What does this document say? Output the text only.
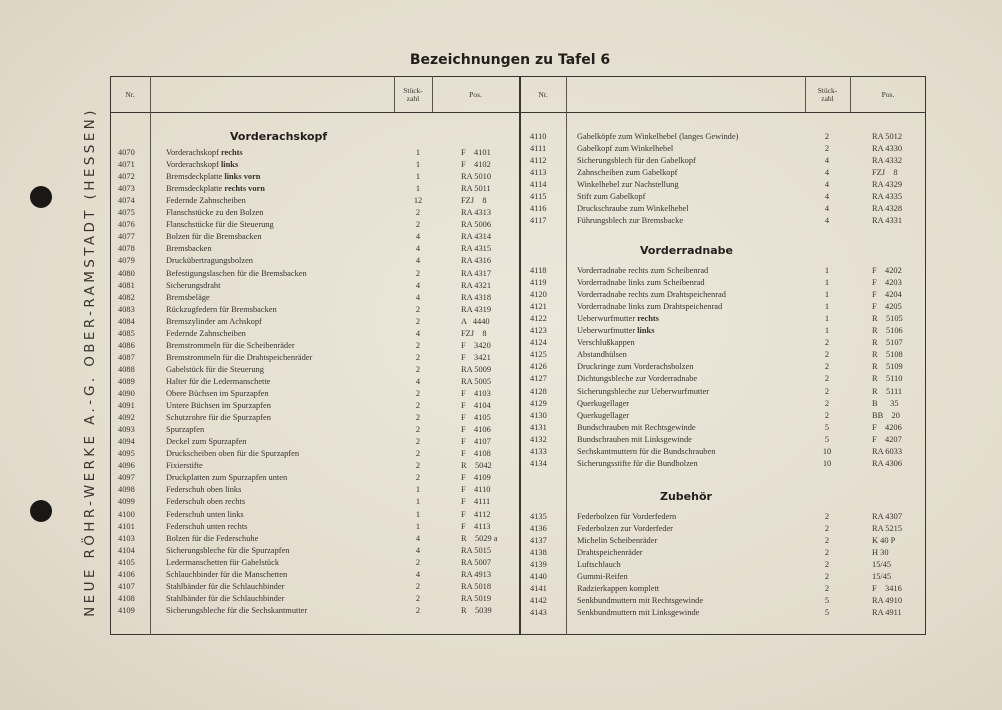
NEUE RÖHR-WERKE A.-G. OBER-RAMSTADT (HESSEN)
Bezeichnungen zu Tafel 6
Nr.	Stück-
zahl	Pos.	Nr.	Stück-
zahl	Pos.
Vorderachskopf
Vorderradnabe
Zubehör
4070	Vorderachskopf rechts	1	F    4101
4071	Vorderachskopf links	1	F    4102
4072	Bremsdeckplatte links vorn	1	RA 5010
4073	Bremsdeckplatte rechts vorn	1	RA 5011
4074	Federnde Zahnscheiben	12	FZJ    8
4075	Flanschstücke zu den Bolzen	2	RA 4313
4076	Flanschstücke für die Steuerung	2	RA 5006
4077	Bolzen für die Bremsbacken	4	RA 4314
4078	Bremsbacken	4	RA 4315
4079	Druckübertragungsbolzen	4	RA 4316
4080	Befestigungslaschen für die Bremsbacken	2	RA 4317
4081	Sicherungsdraht	4	RA 4321
4082	Bremsbeläge	4	RA 4318
4083	Rückzugfedern für Bremsbacken	2	RA 4319
4084	Bremszylinder am Achskopf	2	A   4440
4085	Federnde Zahnscheiben	4	FZJ    8
4086	Bremstrommeln für die Scheibenräder	2	F    3420
4087	Bremstrommeln für die Drahtspeichenräder	2	F    3421
4088	Gabelstück für die Steuerung	2	RA 5009
4089	Halter für die Ledermanschette	4	RA 5005
4090	Obere Büchsen im Spurzapfen	2	F    4103
4091	Untere Büchsen im Spurzapfen	2	F    4104
4092	Schutzrohre für die Spurzapfen	2	F    4105
4093	Spurzapfen	2	F    4106
4094	Deckel zum Spurzapfen	2	F    4107
4095	Druckscheiben oben für die Spurzapfen	2	F    4108
4096	Fixierstifte	2	R    5042
4097	Druckplatten zum Spurzapfen unten	2	F    4109
4098	Federschuh oben links	1	F    4110
4099	Federschuh oben rechts	1	F    4111
4100	Federschuh unten links	1	F    4112
4101	Federschuh unten rechts	1	F    4113
4103	Bolzen für die Federschuhe	4	R    5029 a
4104	Sicherungsbleche für die Spurzapfen	4	RA 5015
4105	Ledermanschetten für Gabelstück	2	RA 5007
4106	Schlauchbinder für die Manschetten	4	RA 4913
4107	Stahlbänder für die Schlauchbinder	2	RA 5018
4108	Stahlbänder für die Schlauchbinder	2	RA 5019
4109	Sicherungsbleche für die Sechskantmutter	2	R    5039
4110	Gabelköpfe zum Winkelhebel (langes Gewinde)	2	RA 5012
4111	Gabelkopf zum Winkelhebel	2	RA 4330
4112	Sicherungsblech für den Gabelkopf	4	RA 4332
4113	Zahnscheiben zum Gabelkopf	4	FZJ    8
4114	Winkelhebel zur Nachstellung	4	RA 4329
4115	Stift zum Gabelkopf	4	RA 4335
4116	Druckschraube zum Winkelhebel	4	RA 4328
4117	Führungsblech zur Bremsbacke	4	RA 4331
4118	Vorderradnabe rechts zum Scheibenrad	1	F    4202
4119	Vorderradnabe links zum Scheibenrad	1	F    4203
4120	Vorderradnabe rechts zum Drahtspeichenrad	1	F    4204
4121	Vorderradnabe links zum Drahtspeichenrad	1	F    4205
4122	Ueberwurfmutter rechts	1	R    5105
4123	Ueberwurfmutter links	1	R    5106
4124	Verschlußkappen	2	R    5107
4125	Abstandhülsen	2	R    5108
4126	Druckringe zum Vorderachsbolzen	2	R    5109
4127	Dichtungsbleche zur Vorderradnabe	2	R    5110
4128	Sicherungsbleche zur Ueberwurfmutter	2	R    5111
4129	Querkugellager	2	B      35
4130	Querkugellager	2	BB    20
4131	Bundschrauben mit Rechtsgewinde	5	F    4206
4132	Bundschrauben mit Linksgewinde	5	F    4207
4133	Sechskantmuttern für die Bundschrauben	10	RA 6033
4134	Sicherungsstifte für die Bundbolzen	10	RA 4306
4135	Federbolzen für Vorderfedern	2	RA 4307
4136	Federbolzen zur Vorderfeder	2	RA 5215
4137	Michelin Scheibenräder	2	K 40 P
4138	Drahtspeichenräder	2	H 30
4139	Luftschlauch	2	15/45
4140	Gummi-Reifen	2	15/45
4141	Radzierkappen komplett	2	F    3416
4142	Senkbundmuttern mit Rechtsgewinde	5	RA 4910
4143	Senkbundmuttern mit Linksgewinde	5	RA 4911
